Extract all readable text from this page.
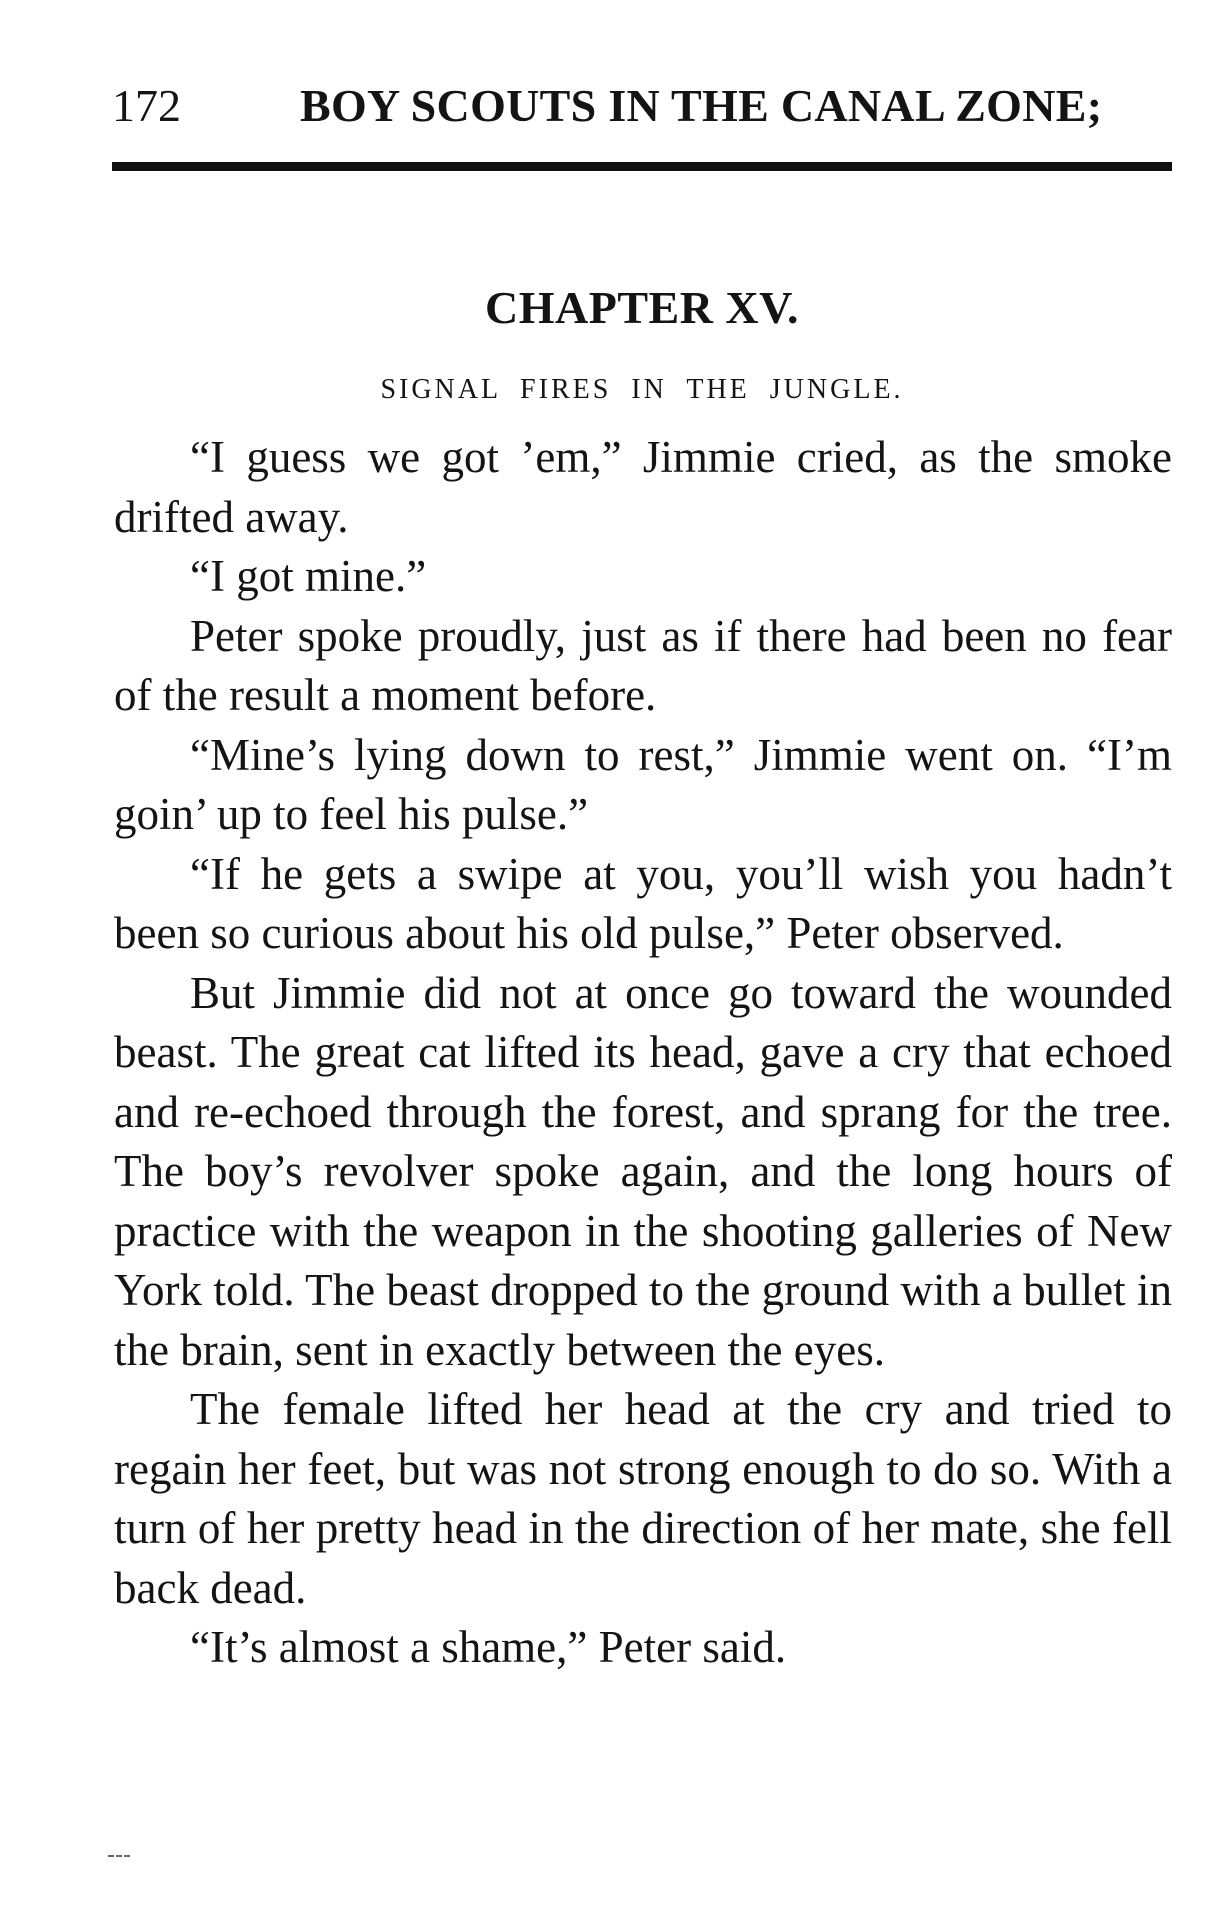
172	BOY SCOUTS IN THE CANAL ZONE;
CHAPTER XV.
SIGNAL FIRES IN THE JUNGLE.

“I guess we got ’em,” Jimmie cried, as the smoke drifted away.

“I got mine.”

Peter spoke proudly, just as if there had been no fear of the result a moment before.

“Mine’s lying down to rest,” Jimmie went on. “I’m goin’ up to feel his pulse.”

“If he gets a swipe at you, you’ll wish you hadn’t been so curious about his old pulse,” Peter observed.

But Jimmie did not at once go toward the wounded beast. The great cat lifted its head, gave a cry that echoed and re-echoed through the forest, and sprang for the tree. The boy’s revolver spoke again, and the long hours of practice with the weapon in the shooting galleries of New York told. The beast dropped to the ground with a bullet in the brain, sent in exactly between the eyes.

The female lifted her head at the cry and tried to regain her feet, but was not strong enough to do so. With a turn of her pretty head in the direction of her mate, she fell back dead.

“It’s almost a shame,” Peter said.
